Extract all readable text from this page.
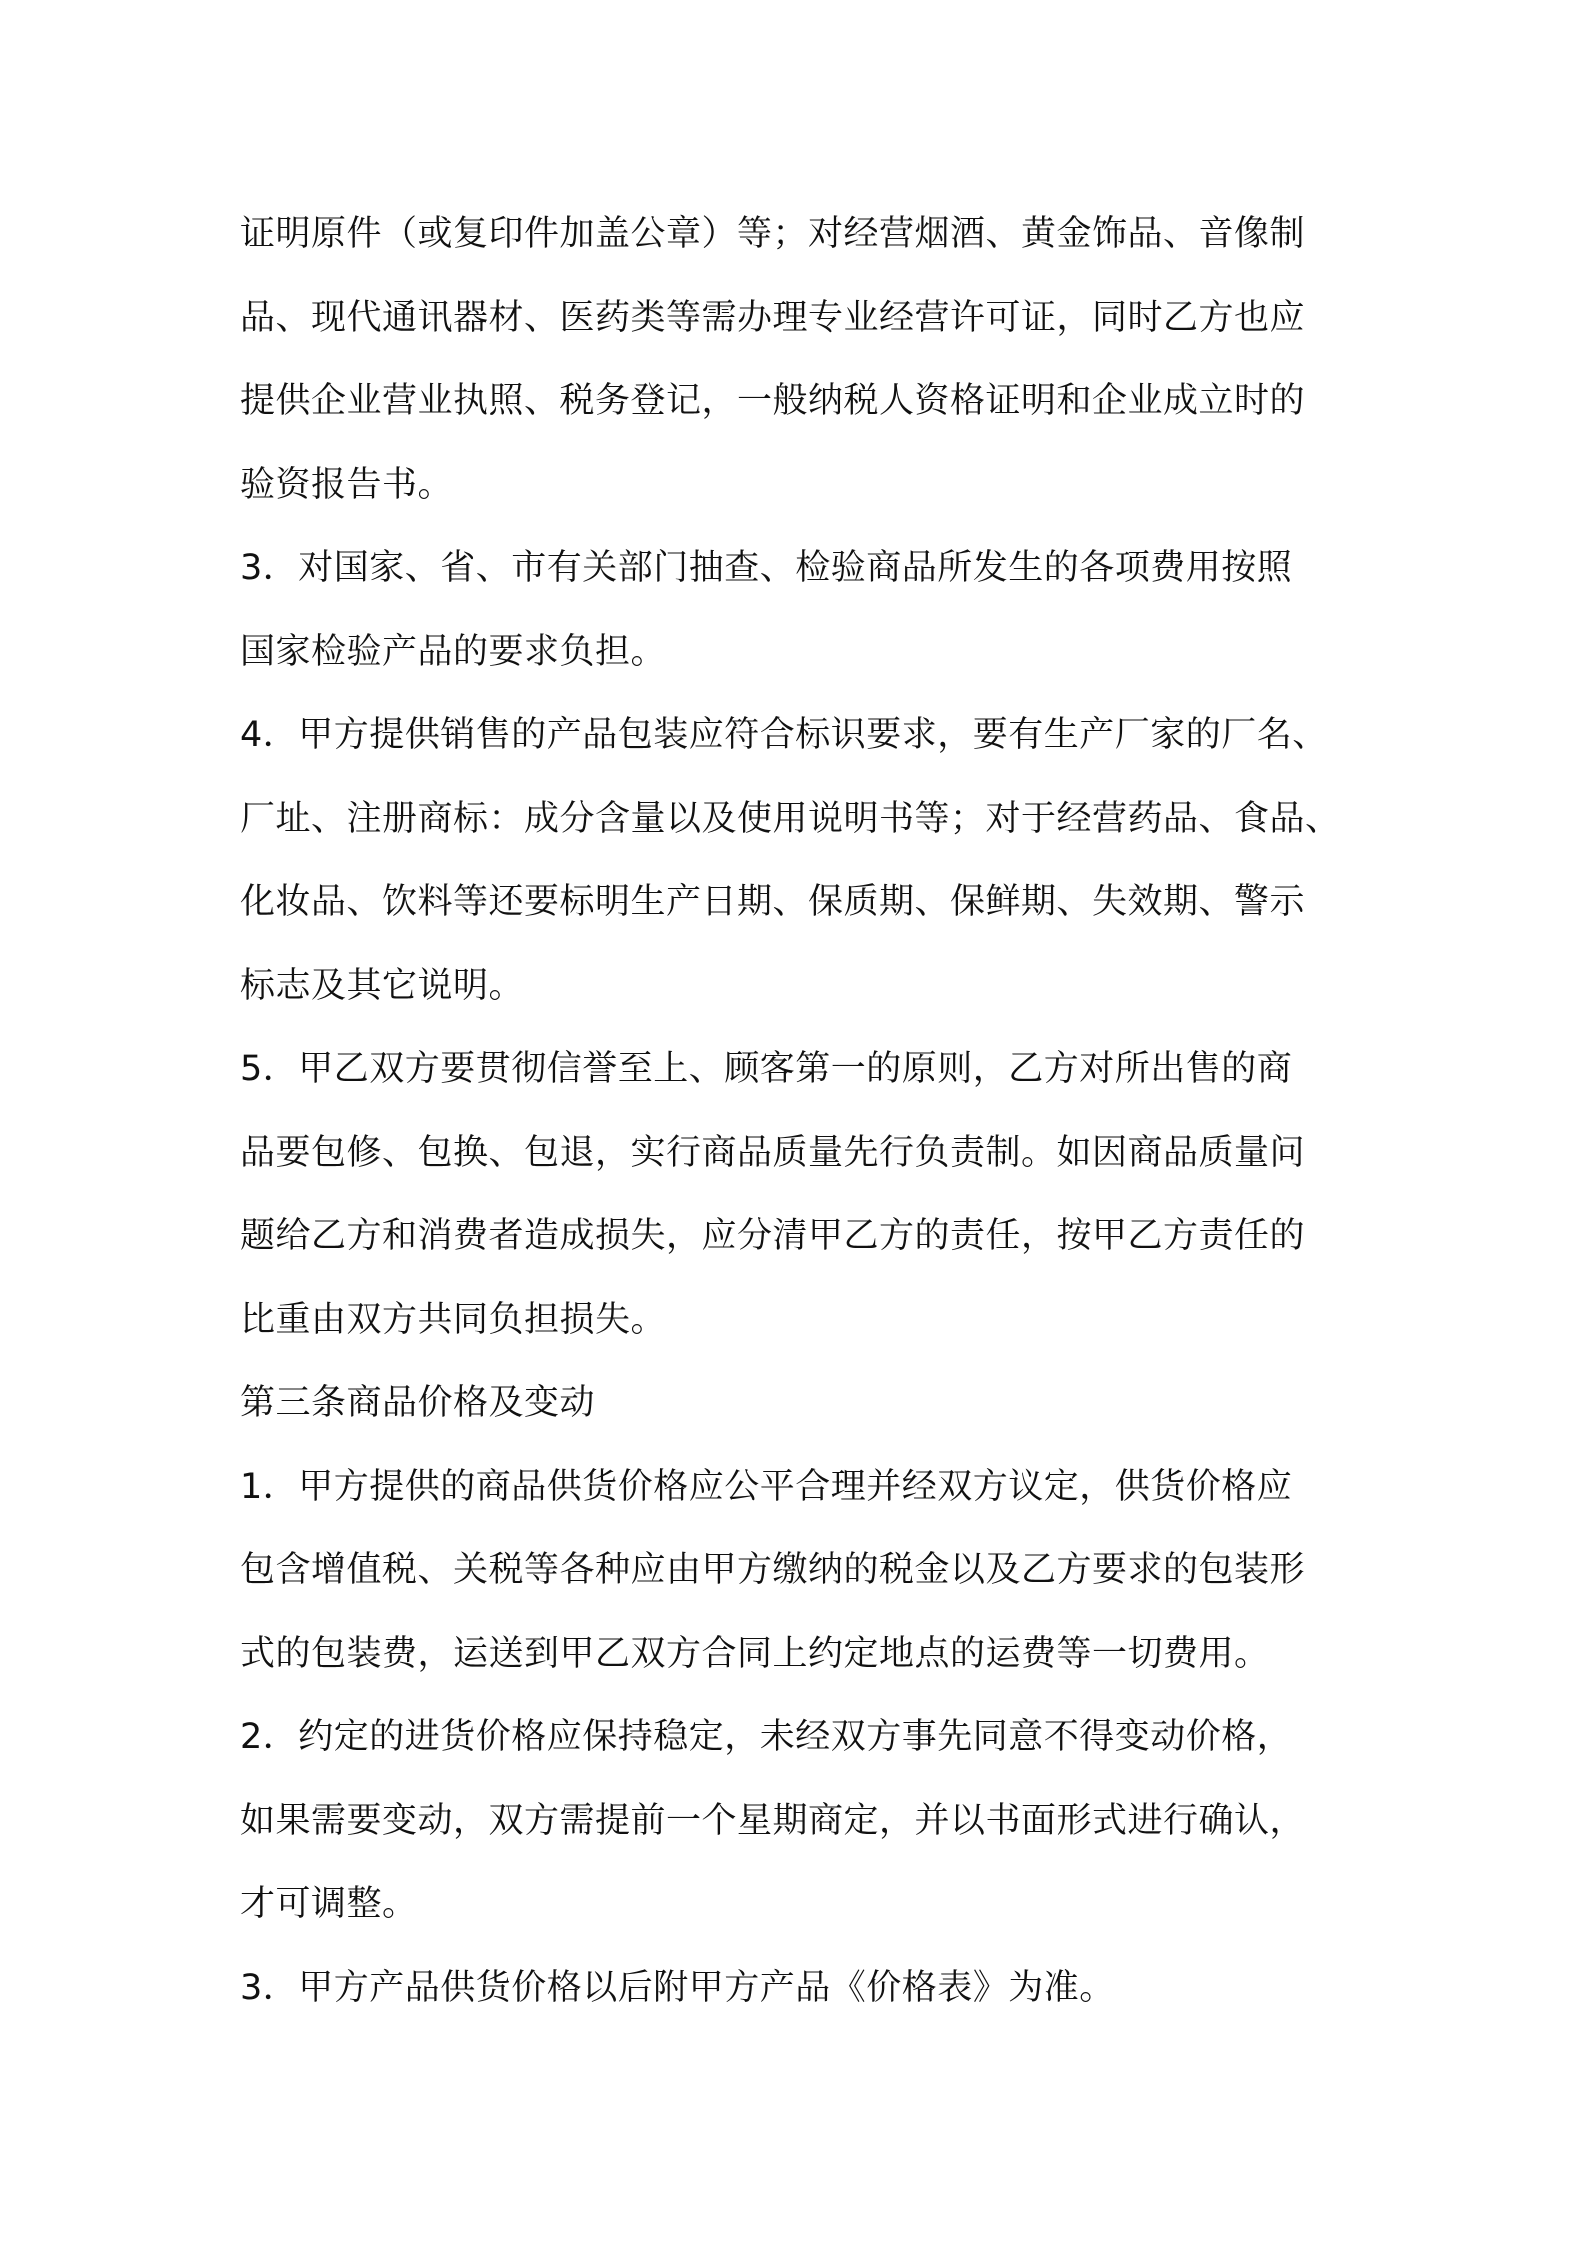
证明原件（或复印件加盖公章）等；对经营烟酒、黄金饰品、音像制
品、现代通讯器材、医药类等需办理专业经营许可证，同时乙方也应
提供企业营业执照、税务登记，一般纳税人资格证明和企业成立时的
验资报告书。
3．对国家、省、市有关部门抽查、检验商品所发生的各项费用按照
国家检验产品的要求负担。
4．甲方提供销售的产品包装应符合标识要求，要有生产厂家的厂名、
厂址、注册商标：成分含量以及使用说明书等；对于经营药品、食品、
化妆品、饮料等还要标明生产日期、保质期、保鲜期、失效期、警示
标志及其它说明。
5．甲乙双方要贯彻信誉至上、顾客第一的原则，乙方对所出售的商
品要包修、包换、包退，实行商品质量先行负责制。如因商品质量问
题给乙方和消费者造成损失，应分清甲乙方的责任，按甲乙方责任的
比重由双方共同负担损失。
第三条商品价格及变动
1．甲方提供的商品供货价格应公平合理并经双方议定，供货价格应
包含增值税、关税等各种应由甲方缴纳的税金以及乙方要求的包装形
式的包装费，运送到甲乙双方合同上约定地点的运费等一切费用。
2．约定的进货价格应保持稳定，未经双方事先同意不得变动价格，
如果需要变动，双方需提前一个星期商定，并以书面形式进行确认，
才可调整。
3．甲方产品供货价格以后附甲方产品《价格表》为准。
